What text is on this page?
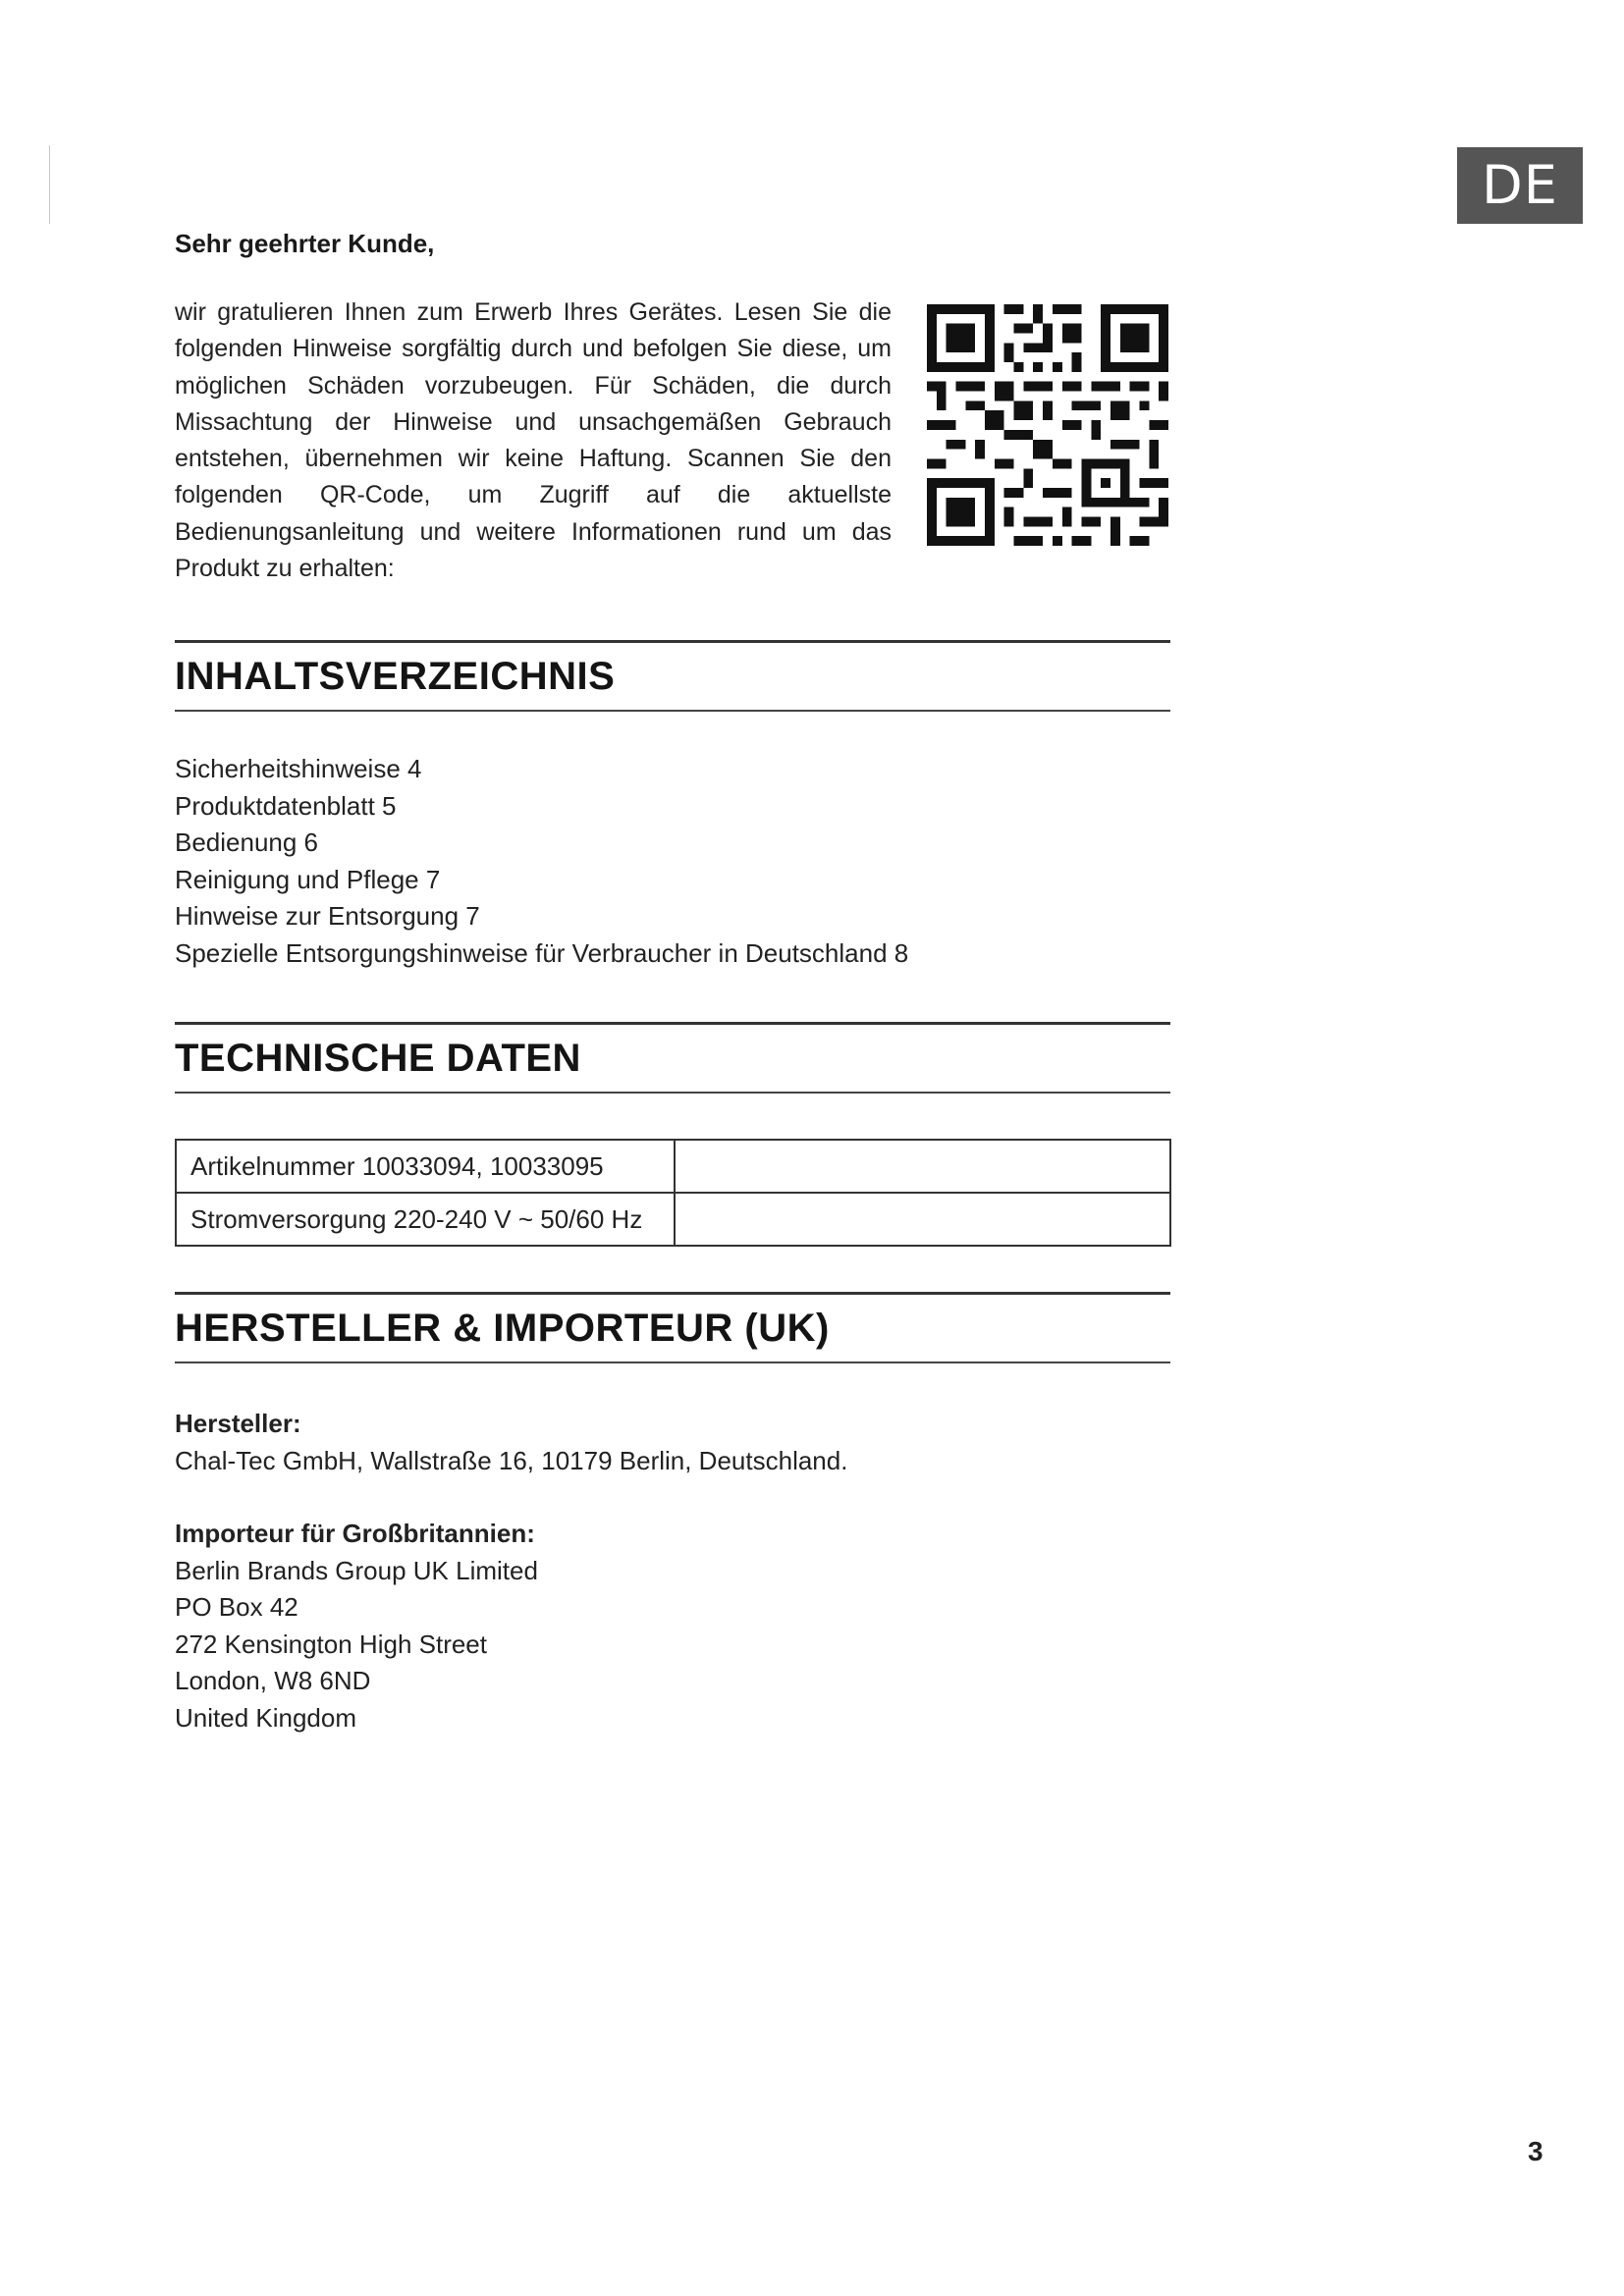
DE
Sehr geehrter Kunde,
wir gratulieren Ihnen zum Erwerb Ihres Gerätes. Lesen Sie die folgenden Hinweise sorgfältig durch und befolgen Sie diese, um möglichen Schäden vorzubeugen. Für Schäden, die durch Missachtung der Hinweise und unsachgemäßen Gebrauch entstehen, übernehmen wir keine Haftung. Scannen Sie den folgenden QR-Code, um Zugriff auf die aktuellste Bedienungsanleitung und weitere Informationen rund um das Produkt zu erhalten:
INHALTSVERZEICHNIS
Sicherheitshinweise 4
Produktdatenblatt 5
Bedienung 6
Reinigung und Pflege 7
Hinweise zur Entsorgung 7
Spezielle Entsorgungshinweise für Verbraucher in Deutschland 8
TECHNISCHE DATEN
Artikelnummer 10033094, 10033095	
Stromversorgung 220-240 V ~ 50/60 Hz	
HERSTELLER & IMPORTEUR (UK)
Hersteller:
Chal-Tec GmbH, Wallstraße 16, 10179 Berlin, Deutschland.
Importeur für Großbritannien:
Berlin Brands Group UK Limited
PO Box 42
272 Kensington High Street
London, W8 6ND
United Kingdom
3
